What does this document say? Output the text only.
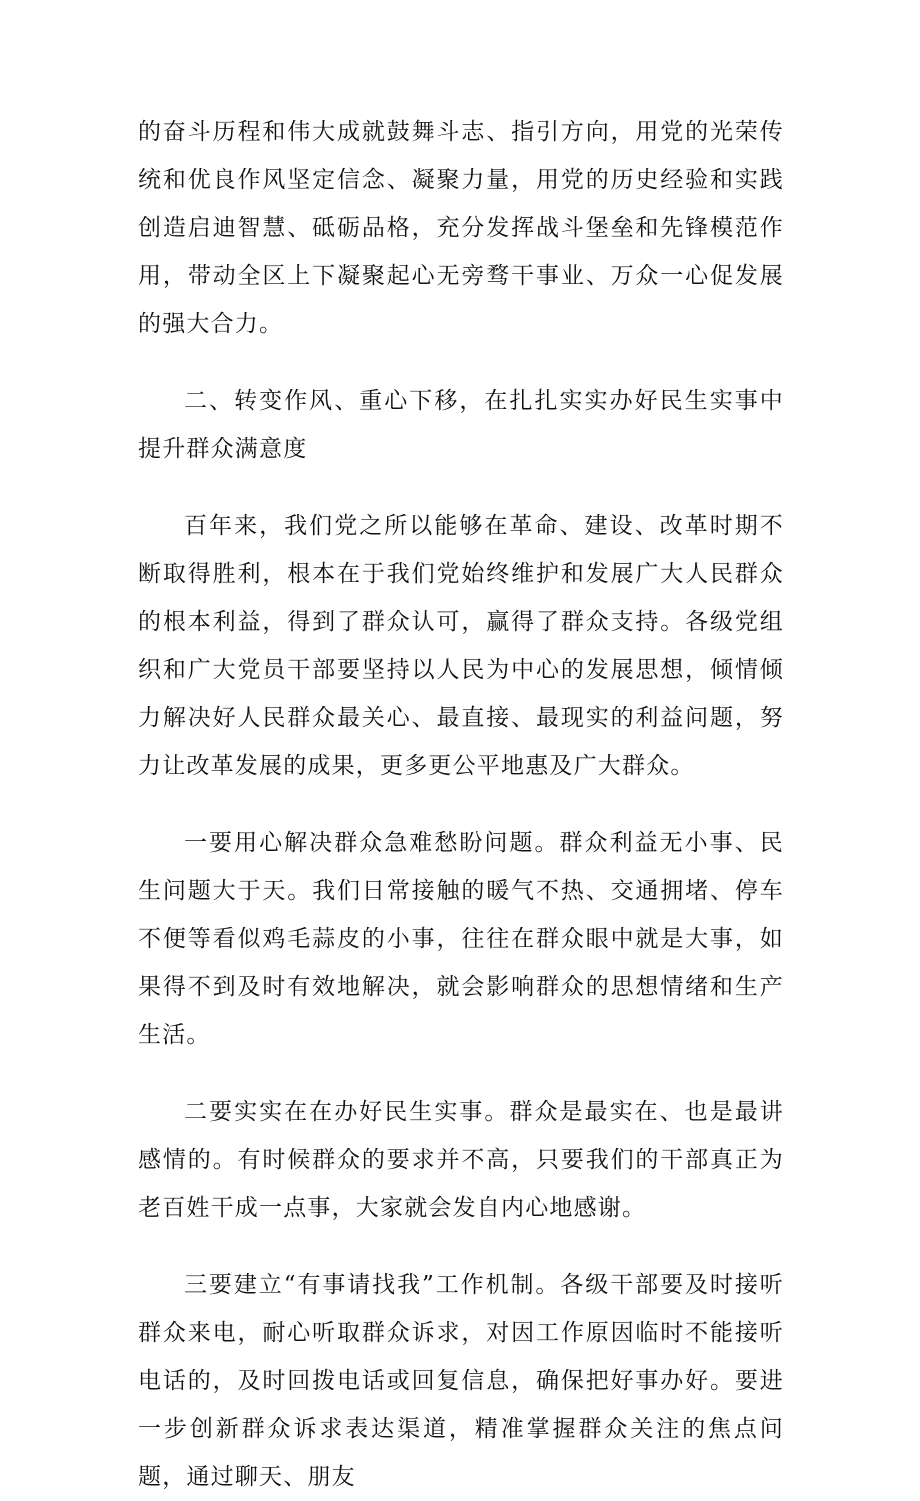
的奋斗历程和伟大成就鼓舞斗志、指引方向，用党的光荣传统和优良作风坚定信念、凝聚力量，用党的历史经验和实践创造启迪智慧、砥砺品格，充分发挥战斗堡垒和先锋模范作用，带动全区上下凝聚起心无旁骛干事业、万众一心促发展的强大合力。

二、转变作风、重心下移，在扎扎实实办好民生实事中提升群众满意度

百年来，我们党之所以能够在革命、建设、改革时期不断取得胜利，根本在于我们党始终维护和发展广大人民群众的根本利益，得到了群众认可，赢得了群众支持。各级党组织和广大党员干部要坚持以人民为中心的发展思想，倾情倾力解决好人民群众最关心、最直接、最现实的利益问题，努力让改革发展的成果，更多更公平地惠及广大群众。

一要用心解决群众急难愁盼问题。群众利益无小事、民生问题大于天。我们日常接触的暖气不热、交通拥堵、停车不便等看似鸡毛蒜皮的小事，往往在群众眼中就是大事，如果得不到及时有效地解决，就会影响群众的思想情绪和生产生活。

二要实实在在办好民生实事。群众是最实在、也是最讲感情的。有时候群众的要求并不高，只要我们的干部真正为老百姓干成一点事，大家就会发自内心地感谢。

三要建立“有事请找我”工作机制。各级干部要及时接听群众来电，耐心听取群众诉求，对因工作原因临时不能接听电话的，及时回拨电话或回复信息，确保把好事办好。要进一步创新群众诉求表达渠道，精准掌握群众关注的焦点问题，通过聊天、朋友
